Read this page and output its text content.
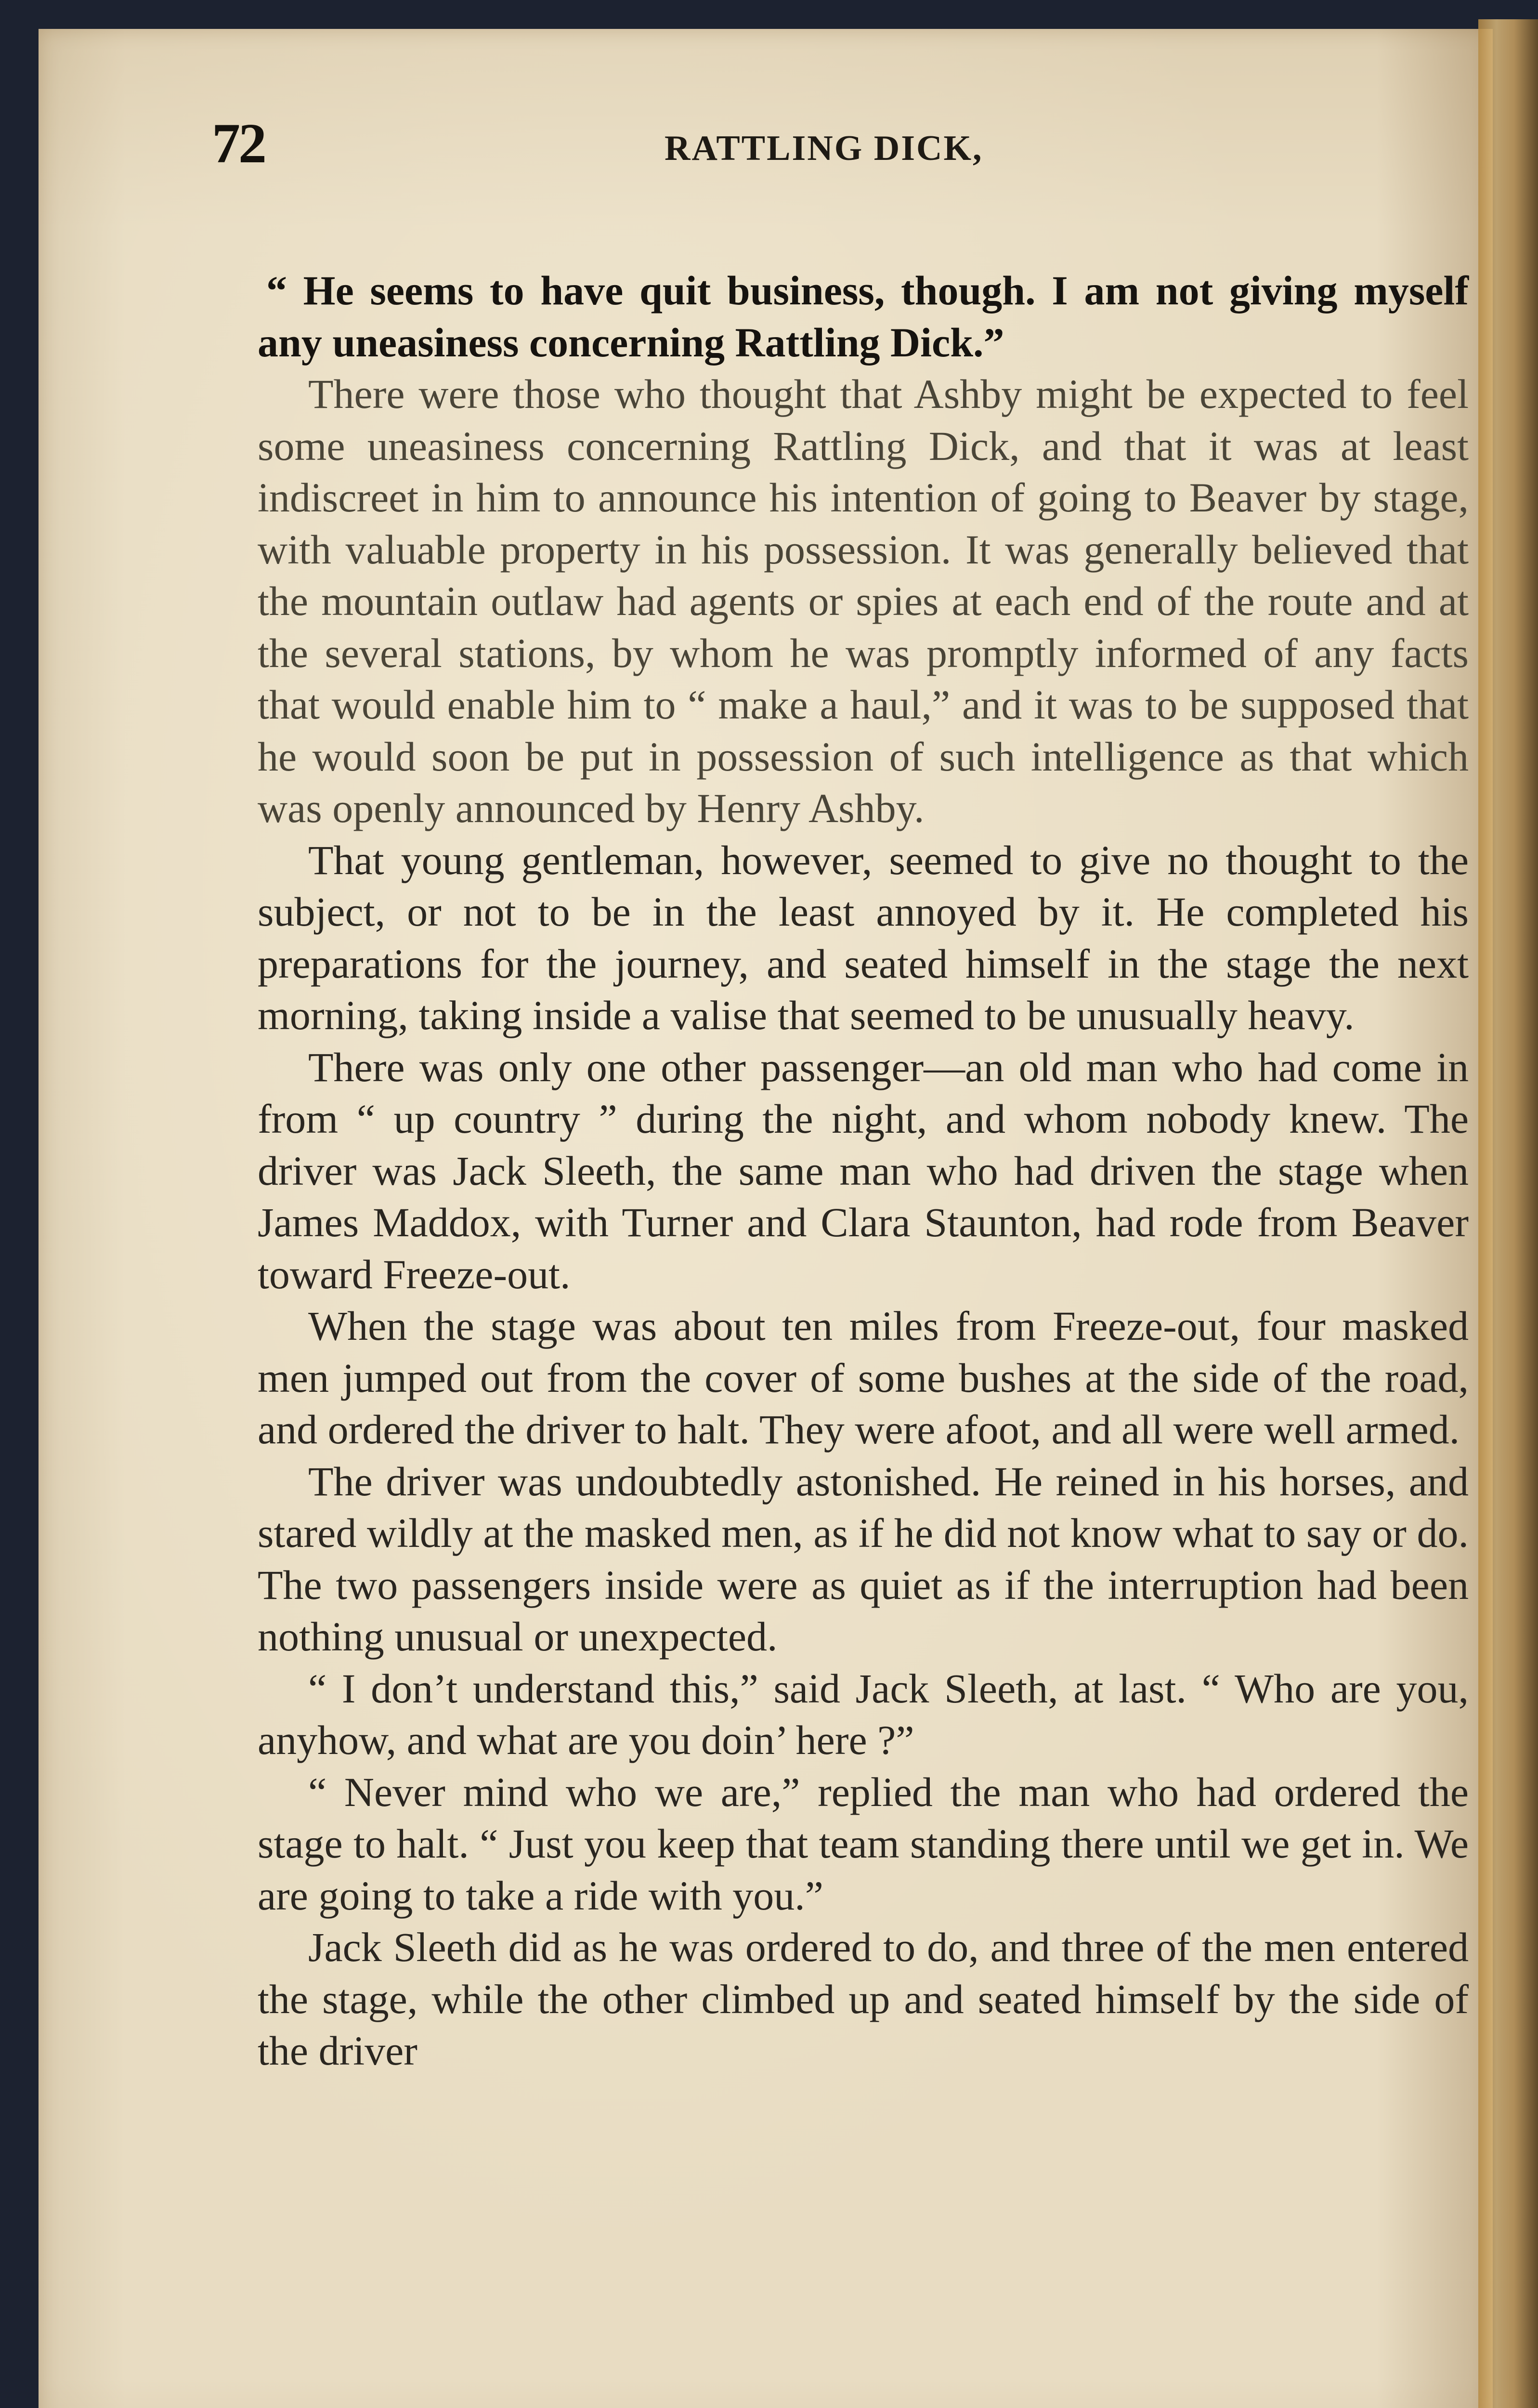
72	RATTLING DICK,

“ He seems to have quit business, though. I am not giving myself any uneasiness concerning Rattling Dick.”

There were those who thought that Ashby might be expected to feel some uneasiness concerning Rattling Dick, and that it was at least indiscreet in him to announce his intention of going to Beaver by stage, with valuable property in his possession. It was generally believed that the mountain outlaw had agents or spies at each end of the route and at the several stations, by whom he was promptly informed of any facts that would enable him to “ make a haul,” and it was to be supposed that he would soon be put in possession of such intelligence as that which was openly announced by Henry Ashby.

That young gentleman, however, seemed to give no thought to the subject, or not to be in the least annoyed by it. He completed his preparations for the journey, and seated himself in the stage the next morning, taking inside a valise that seemed to be unusually heavy.

There was only one other passenger—an old man who had come in from “ up country ” during the night, and whom nobody knew. The driver was Jack Sleeth, the same man who had driven the stage when James Maddox, with Turner and Clara Staunton, had rode from Beaver toward Freeze-out.

When the stage was about ten miles from Freeze-out, four masked men jumped out from the cover of some bushes at the side of the road, and ordered the driver to halt. They were afoot, and all were well armed.

The driver was undoubtedly astonished. He reined in his horses, and stared wildly at the masked men, as if he did not know what to say or do. The two passengers inside were as quiet as if the interruption had been nothing unusual or unexpected.

“ I don’t understand this,” said Jack Sleeth, at last. “ Who are you, anyhow, and what are you doin’ here ?”

“ Never mind who we are,” replied the man who had ordered the stage to halt. “ Just you keep that team standing there until we get in. We are going to take a ride with you.”

Jack Sleeth did as he was ordered to do, and three of the men entered the stage, while the other climbed up and seated himself by the side of the driver
